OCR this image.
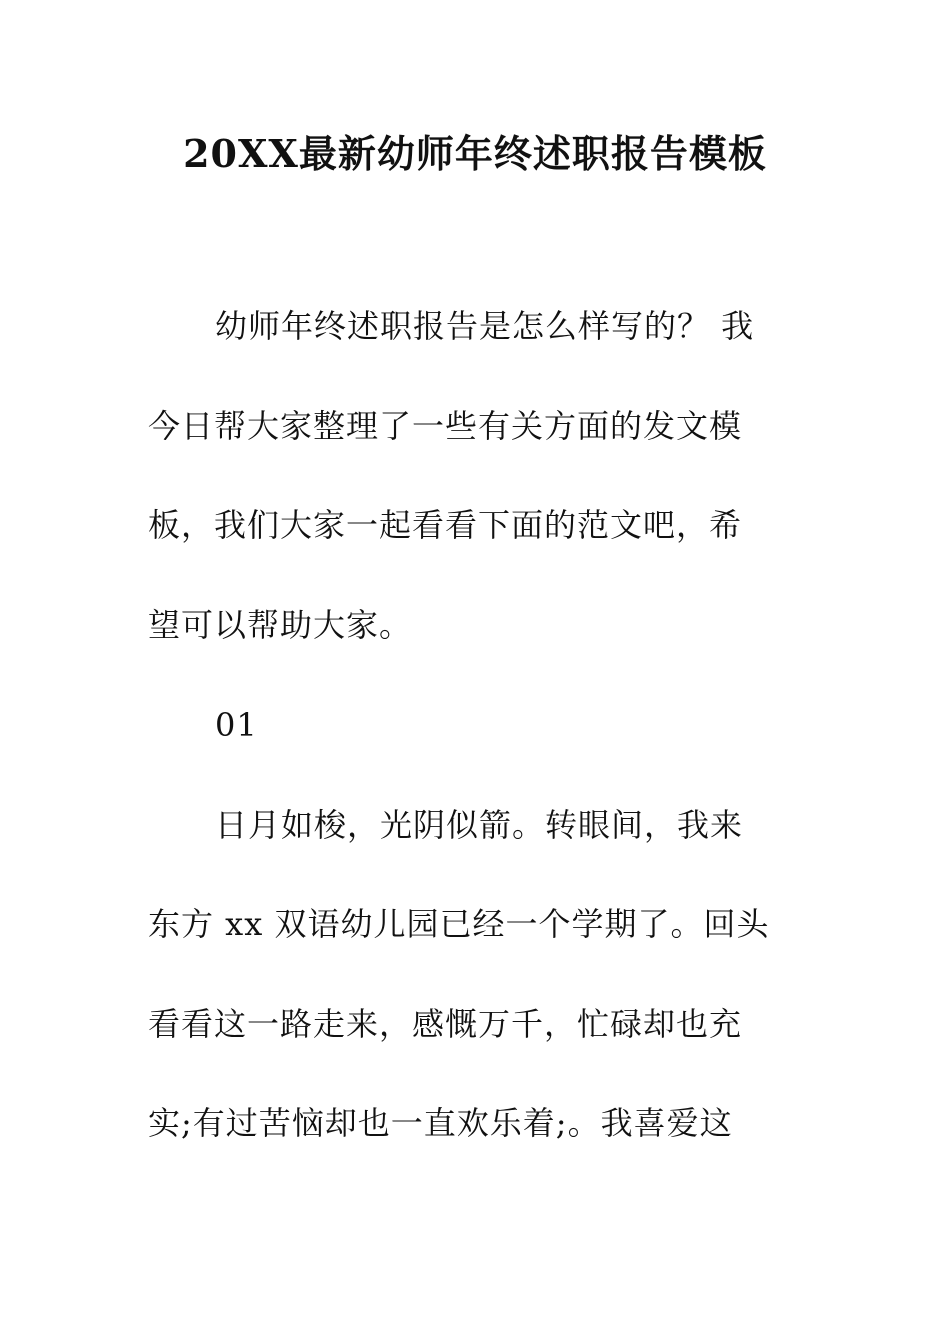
20XX最新幼师年终述职报告模板
幼师年终述职报告是怎么样写的？ 我
今日帮大家整理了一些有关方面的发文模
板，我们大家一起看看下面的范文吧，希
望可以帮助大家。
01
日月如梭，光阴似箭。转眼间，我来
东方 xx 双语幼儿园已经一个学期了。回头
看看这一路走来，感慨万千，忙碌却也充
实;有过苦恼却也一直欢乐着;。我喜爱这
